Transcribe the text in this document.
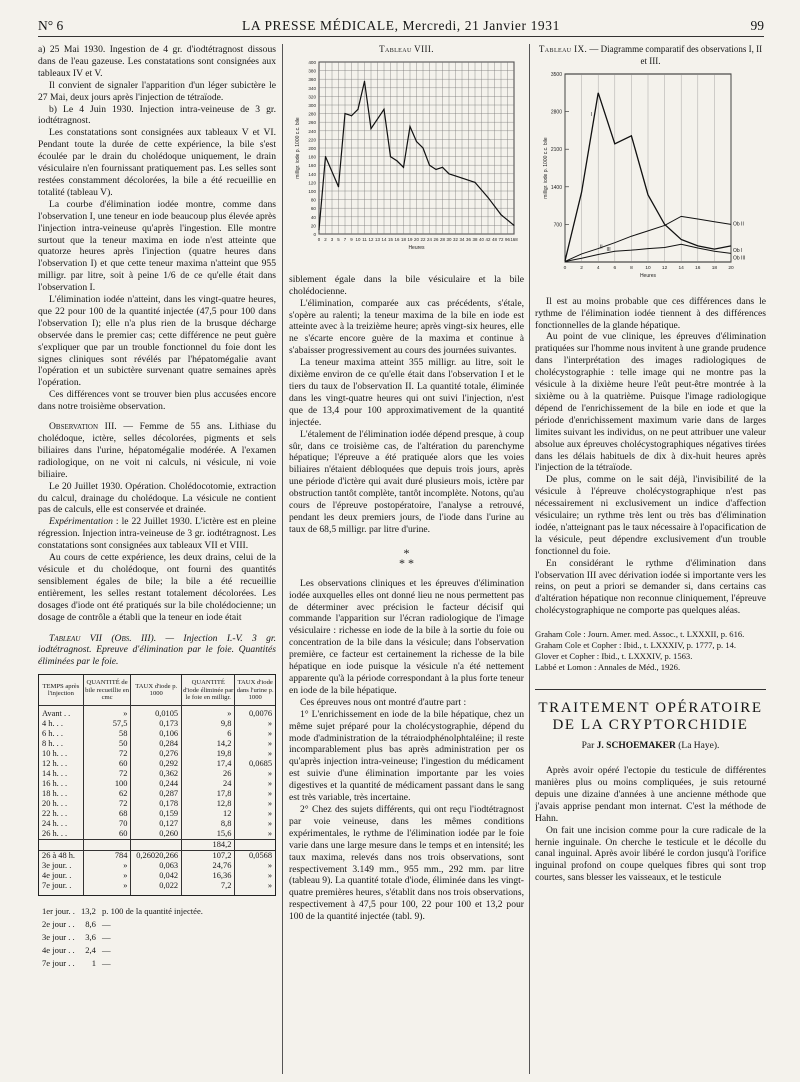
N° 6	LA PRESSE MÉDICALE, Mercredi, 21 Janvier 1931	99

a) 25 Mai 1930. Ingestion de 4 gr. d'iodtétragnost dissous dans de l'eau gazeuse. Les constatations sont consignées aux tableaux IV et V.

Il convient de signaler l'apparition d'un léger subictère le 27 Mai, deux jours après l'injection de tétraïode.

b) Le 4 Juin 1930. Injection intra-veineuse de 3 gr. iodtétragnost.

Les constatations sont consignées aux tableaux V et VI. Pendant toute la durée de cette expérience, la bile s'est écoulée par le drain du cholédoque uniquement, le drain vésiculaire n'en fournissant pratiquement pas. Les selles sont restées constamment décolorées, la bile a été recueillie en totalité (tableau V).

La courbe d'élimination iodée montre, comme dans l'observation I, une teneur en iode beaucoup plus élevée après l'injection intra-veineuse qu'après l'ingestion. Elle montre surtout que la teneur maxima en iode n'est atteinte que quatorze heures après l'injection (quatre heures dans l'observation I) et que cette teneur maxima n'atteint que 955 milligr. par litre, soit à peine 1/6 de ce qu'elle était dans l'observation I.

L'élimination iodée n'atteint, dans les vingt-quatre heures, que 22 pour 100 de la quantité injectée (47,5 pour 100 dans l'observation I); elle n'a plus rien de la brusque décharge observée dans le premier cas; cette différence ne peut guère s'expliquer que par un trouble fonctionnel du foie dont les signes cliniques sont révélés par l'hépatomégalie avant l'opération et un subictère survenant quatre semaines après l'opération.

Ces différences vont se trouver bien plus accusées encore dans notre troisième observation.

Observation III. — Femme de 55 ans. Lithiase du cholédoque, ictère, selles décolorées, pigments et sels biliaires dans l'urine, hépatomégalie modérée. A l'examen radiologique, on ne voit ni calculs, ni vésicule, ni voie biliaire.

Le 20 Juillet 1930. Opération. Cholédocotomie, extraction du calcul, drainage du cholédoque. La vésicule ne contient pas de calculs, elle est conservée et drainée.

Expérimentation : le 22 Juillet 1930. L'ictère est en pleine régression. Injection intra-veineuse de 3 gr. iodtétragnost. Les constatations sont consignées aux tableaux VII et VIII.

Au cours de cette expérience, les deux drains, celui de la vésicule et du cholédoque, ont fourni des quantités sensiblement égales de bile; la bile a été recueillie entièrement, les selles restant totalement décolorées. Les dosages d'iode ont été pratiqués sur la bile cholédocienne; un dosage de contrôle a établi que la teneur en iode était

Tableau VII (Obs. III). — Injection I.-V. 3 gr. iodtétragnost. Epreuve d'élimination par le foie. Quantités éliminées par le foie.

TEMPS après l'injection	QUANTITÉ de bile recueillie en cmc	TAUX d'iode p. 1000	QUANTITÉ d'iode éliminée par le foie en milligr.	TAUX d'iode dans l'urine p. 1000
Avant . .	»	0,0105	»	0,0076
4 h. . .	57,5	0,173	9,8	»
6 h. . .	58	0,106	6	»
8 h. . .	50	0,284	14,2	»
10 h. . .	72	0,276	19,8	»
12 h. . .	60	0,292	17,4	0,0685
14 h. . .	72	0,362	26	»
16 h. . .	100	0,244	24	»
18 h. . .	62	0,287	17,8	»
20 h. . .	72	0,178	12,8	»
22 h. . .	68	0,159	12	»
24 h. . .	70	0,127	8,8	»
26 h. . .	60	0,260	15,6	»
			184,2	
26 à 48 h.	784	0,26020,266	107,2	0,0568
3e jour. .	»	0,063	24,76	»
4e jour. .	»	0,042	16,36	»
7e jour. .	»	0,022	7,2	»
1er jour. .	13,2	p. 100 de la quantité injectée.
2e jour . .	8,6	—
3e jour . .	3,6	—
4e jour . .	2,4	—
7e jour . .	1	—
Tableau VIII.
0
20
40
60
80
100
120
140
160
180
200
220
240
260
280
300
320
340
360
380
400
0 2 3 5 7 9 10 11 12 13 14 15 16 18 19 20 22 24 26 28 30 32 34 36 38 40 42 48 72 96 168
Heures
milligr. iode p. 1000 c.c. bile

siblement égale dans la bile vésiculaire et la bile cholédocienne.

L'élimination, comparée aux cas précédents, s'étale, s'opère au ralenti; la teneur maxima de la bile en iode est atteinte avec à la treizième heure; après vingt-six heures, elle ne s'écarte encore guère de la maxima et continue à s'abaisser progressivement au cours des journées suivantes.

La teneur maxima atteint 355 milligr. au litre, soit le dixième environ de ce qu'elle était dans l'observation I et le tiers du taux de l'observation II. La quantité totale, éliminée dans les vingt-quatre heures qui ont suivi l'injection, n'est que de 13,4 pour 100 approximativement de la quantité injectée.

L'étalement de l'élimination iodée dépend presque, à coup sûr, dans ce troisième cas, de l'altération du parenchyme hépatique; l'épreuve a été pratiquée alors que les voies biliaires n'étaient débloquées que depuis trois jours, après une période d'ictère qui avait duré plusieurs mois, ictère par obstruction tantôt complète, tantôt incomplète. Notons, qu'au cours de l'épreuve postopératoire, l'analyse a retrouvé, pendant les deux premiers jours, de l'iode dans l'urine au taux de 68,5 milligr. par litre d'urine.

*
* *

Les observations cliniques et les épreuves d'élimination iodée auxquelles elles ont donné lieu ne nous permettent pas de déterminer avec précision le facteur décisif qui commande l'apparition sur l'écran radiologique de l'image vésiculaire : richesse en iode de la bile à la sortie du foie ou concentration de la bile dans la vésicule; dans l'observation première, ce facteur est certainement la richesse de la bile hépatique en iode puisque la vésicule n'a été nettement apparente qu'à la période correspondant à la plus forte teneur en iode de la bile hépatique.

Ces épreuves nous ont montré d'autre part :

1° L'enrichissement en iode de la bile hépatique, chez un même sujet préparé pour la cholécystographie, dépend du mode d'administration de la tétraiodphénolphtaléine; il reste incomparablement plus bas après administration per os qu'après injection intra-veineuse; l'ingestion du médicament est suivie d'une élimination importante par les voies digestives et la quantité de médicament passant dans le sang est très variable, très incertaine.

2° Chez des sujets différents, qui ont reçu l'iodtétragnost par voie veineuse, dans les mêmes conditions expérimentales, le rythme de l'élimination iodée par le foie varie dans une large mesure dans le temps et en intensité; les taux maxima, relevés dans nos trois observations, sont respectivement 3.149 mm., 955 mm., 292 mm. par litre (tableau 9). La quantité totale d'iode, éliminée dans les vingt-quatre premières heures, s'établit dans nos trois observations, respectivement à 47,5 pour 100, 22 pour 100 et 13,2 pour 100 de la quantité injectée (tabl. 9).

Tableau IX. — Diagramme comparatif des observations I, II et III.
700
1400
2100
2800
3500
0	2	4	6	8	10 12 14 16 18 20
Heures
milligr. iode p. 1000 c.c. bile
Ob I
I
Ob II
II
Ob III
III

Il est au moins probable que ces différences dans le rythme de l'élimination iodée tiennent à des différences fonctionnelles de la glande hépatique.

Au point de vue clinique, les épreuves d'élimination pratiquées sur l'homme nous invitent à une grande prudence dans l'interprétation des images radiologiques de cholécystographie : telle image qui ne montre pas la vésicule à la dixième heure l'eût peut-être montrée à la sixième ou à la quatrième. Puisque l'image radiologique dépend de l'enrichissement de la bile en iode et que la période d'enrichissement maximum varie dans de larges limites suivant les individus, on ne peut attribuer une valeur absolue aux épreuves cholécystographiques négatives tirées dans les délais habituels de dix à dix-huit heures après l'injection de la tétraïode.

De plus, comme on le sait déjà, l'invisibilité de la vésicule à l'épreuve cholécystographique n'est pas nécessairement ni exclusivement un indice d'affection vésiculaire; un rythme très lent ou très bas d'élimination iodée, n'atteignant pas le taux nécessaire à l'opacification de la vésicule, peut dépendre exclusivement d'un trouble fonctionnel du foie.

En considérant le rythme d'élimination dans l'observation III avec dérivation iodée si importante vers les reins, on peut a priori se demander si, dans certains cas d'altération hépatique non reconnue cliniquement, l'épreuve cholécystographique ne comporte pas quelques aléas.

Graham Cole : Journ. Amer. med. Assoc., t. LXXXII, p. 616.

Graham Cole et Copher : Ibid., t. LXXXIV, p. 1777, p. 14.

Glover et Copher : Ibid., t. LXXXIV, p. 1563.

Labbé et Lomon : Annales de Méd., 1926.

TRAITEMENT OPÉRATOIRE
DE LA CRYPTORCHIDIE
Par J. SCHOEMAKER (La Haye).

Après avoir opéré l'ectopie du testicule de différentes manières plus ou moins compliquées, je suis retourné depuis une dizaine d'années à une ancienne méthode que j'avais apprise pendant mon internat. C'est la méthode de Hahn.

On fait une incision comme pour la cure radicale de la hernie inguinale. On cherche le testicule et le décolle du canal inguinal. Après avoir libéré le cordon jusqu'à l'orifice inguinal profond on coupe quelques fibres qui sont trop courtes, sans blesser les vaisseaux, et le testicule
